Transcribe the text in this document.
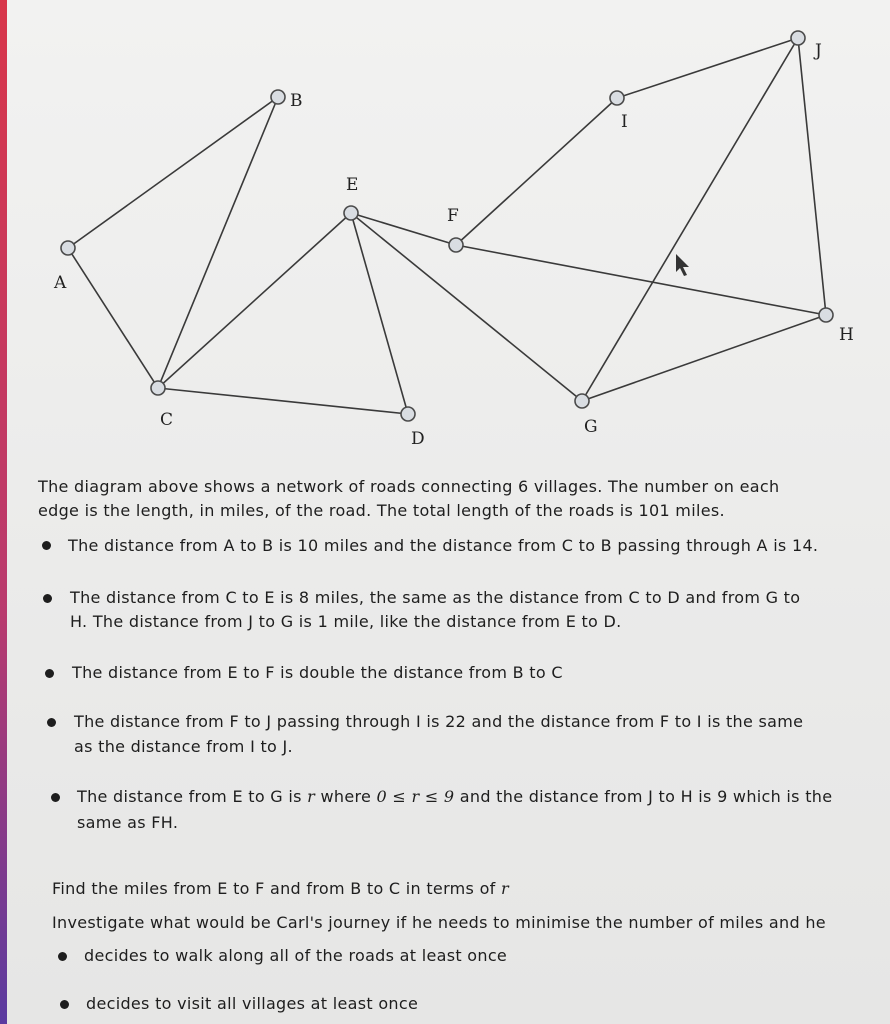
A
B
C
D
E
F
G
H
I
J
The diagram above shows a network of roads connecting 6 villages. The number on each
edge is the length, in miles, of the road. The total length of the roads is 101 miles.
The distance from A to B is 10 miles and the distance from C to B passing through A is 14.
The distance from C to E is 8 miles, the same as the distance from C to D and from G to
H. The distance from J to G is 1 mile, like the distance from E to D.
The distance from E to F is double the distance from B to C
The distance from F to J passing through I is 22 and the distance from F to I is the same
as the distance from I to J.
The distance from E to G is r where 0 ≤ r ≤ 9 and the distance from J to H is 9 which is the
same as FH.
Find the miles from E to F and from B to C in terms of r
Investigate what would be Carl's journey if he needs to minimise the number of miles and he
decides to walk along all of the roads at least once
decides to visit all villages at least once
